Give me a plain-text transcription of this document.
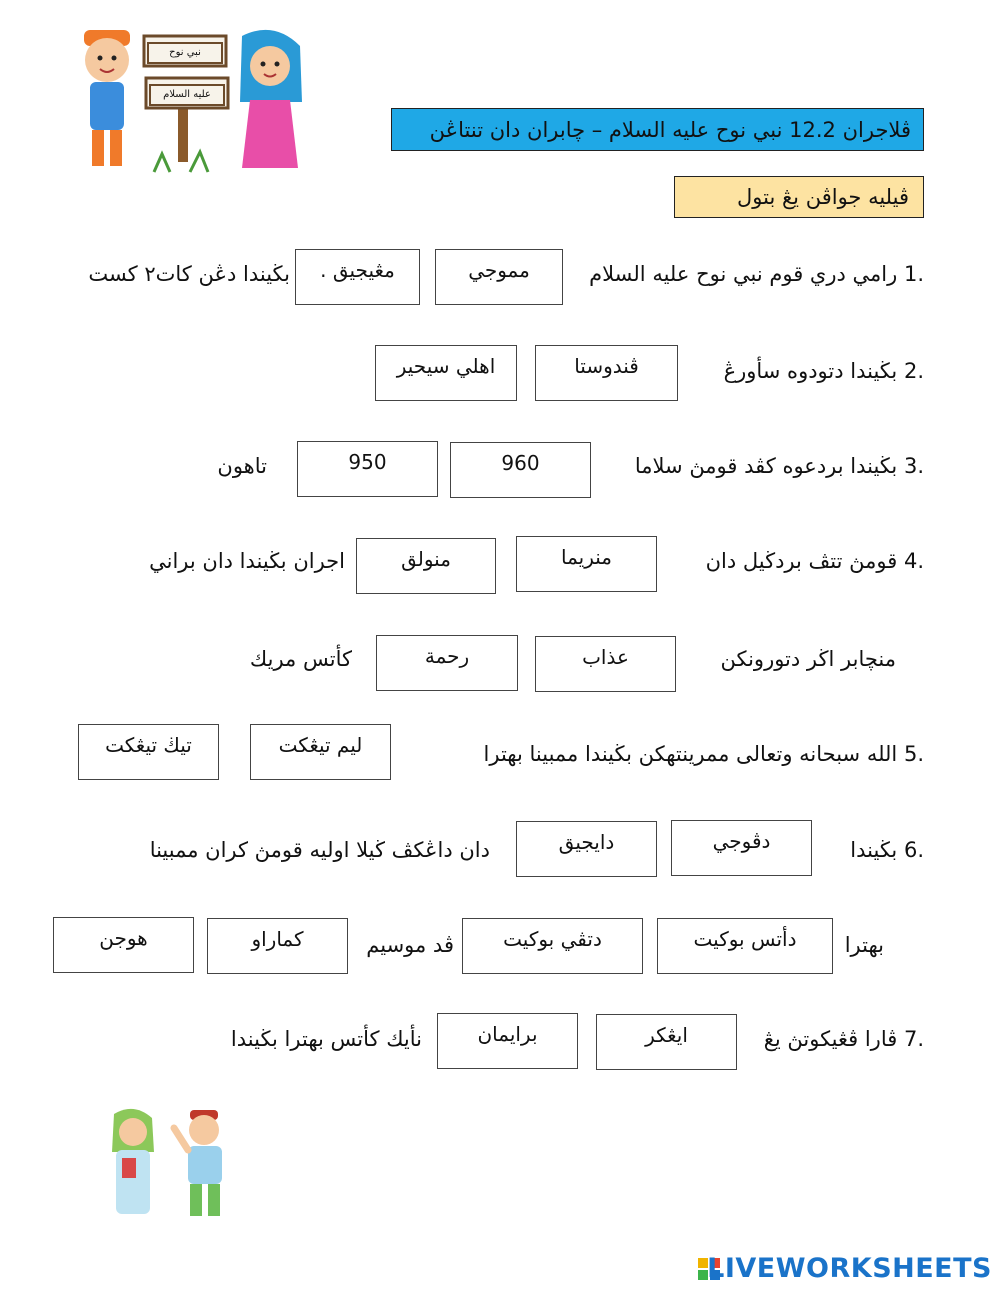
نبي نوح
عليه السلام
ڤلاجران 12.2 نبي نوح عليه السلام – چابران دان تنتاڠن
ڤيليه جواڤن يڠ بتول
.1 رامي دري قوم نبي نوح عليه السلام
مموجي
مڠيجيق .
بڬيندا دڠن كات٢ كست
.2 بڬيندا دتودوه سأورڠ
ڤندوستا
اهلي سيحير
.3 بڬيندا بردعوه كڤد قومڽ سلاما
960
950
تاهون
.4 قومڽ تتڤ بردڬيل دان
منريما
منولق
اجران بڬيندا دان براني
منچابر اڬر دتورونكن
عذاب
رحمة
كأتس مريك
.5 الله سبحانه وتعالى ممرينتهكن بڬيندا ممبينا بهترا
ليم تيڠكت
تيڬ تيڠكت
.6 بڬيندا
دڤوجي
دايجيق
دان داڠكڤ ڬيلا اوليه قومڽ كران ممبينا
بهترا
دأتس بوكيت
دتڤي بوكيت
ڤد موسيم
كماراو
هوجن
.7 ڤارا ڤڠيكوتڽ يڠ
ايڠكر
برايمان
نأيك كأتس بهترا بڬيندا
LIVEWORKSHEETS
